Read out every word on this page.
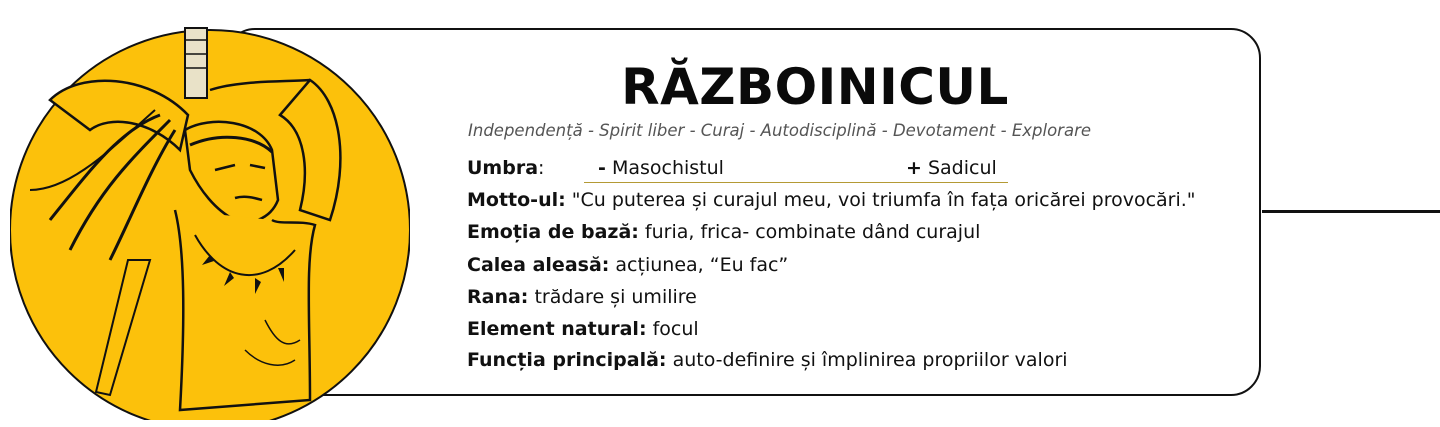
RĂZBOINICUL
Independență - Spirit liber - Curaj - Autodisciplină - Devotament - Explorare
Umbra:	- Masochistul	+ Sadicul
Motto-ul: "Cu puterea și curajul meu, voi triumfa în fața oricărei provocări."
Emoția de bază: furia, frica- combinate dând curajul
Calea aleasă: acțiunea, “Eu fac”
Rana: trădare și umilire
Element natural: focul
Funcția principală: auto-definire și împlinirea propriilor valori
